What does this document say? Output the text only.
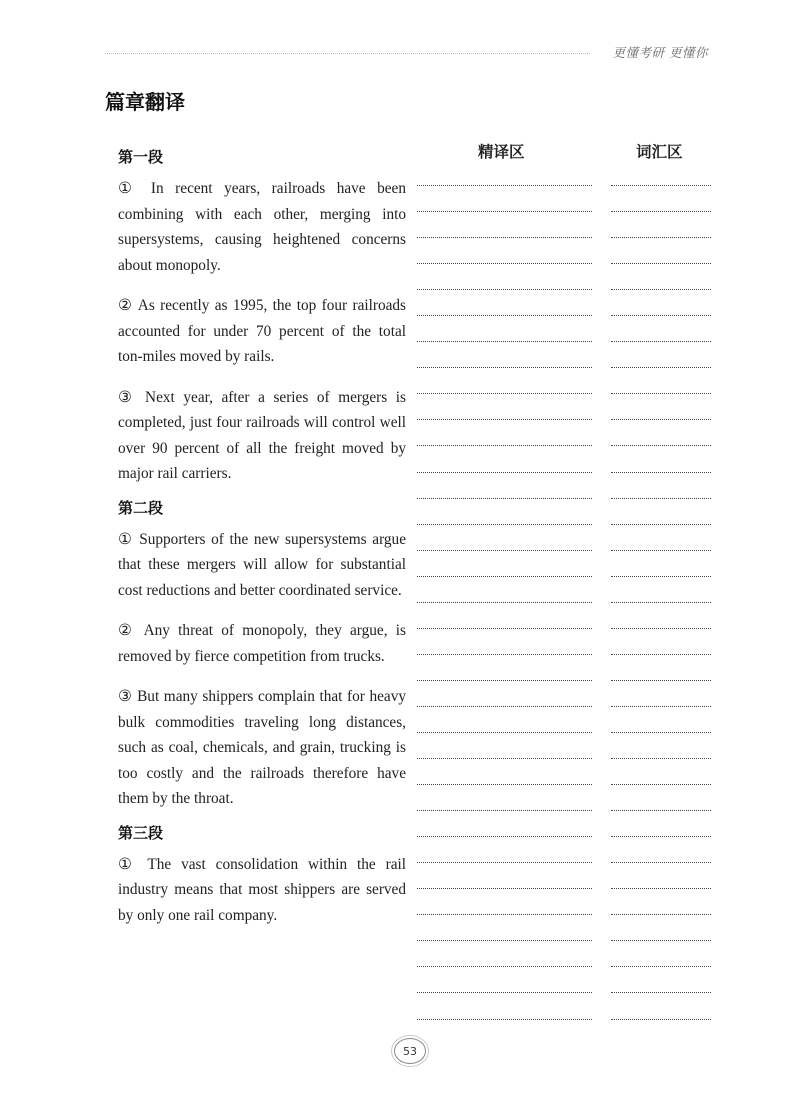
更懂考研 更懂你
篇章翻译
精译区	词汇区
第一段

① In recent years, railroads have been combining with each other, merging into supersystems, causing heightened concerns about monopoly.

② As recently as 1995, the top four railroads accounted for under 70 percent of the total ton-miles moved by rails.

③ Next year, after a series of mergers is completed, just four railroads will control well over 90 percent of all the freight moved by major rail carriers.

第二段

① Supporters of the new supersystems argue that these mergers will allow for substantial cost reductions and better coordinated service.

② Any threat of monopoly, they argue, is removed by fierce competition from trucks.

③ But many shippers complain that for heavy bulk commodities traveling long distances, such as coal, chemicals, and grain, trucking is too costly and the railroads therefore have them by the throat.

第三段

① The vast consolidation within the rail industry means that most shippers are served by only one rail company.

53
